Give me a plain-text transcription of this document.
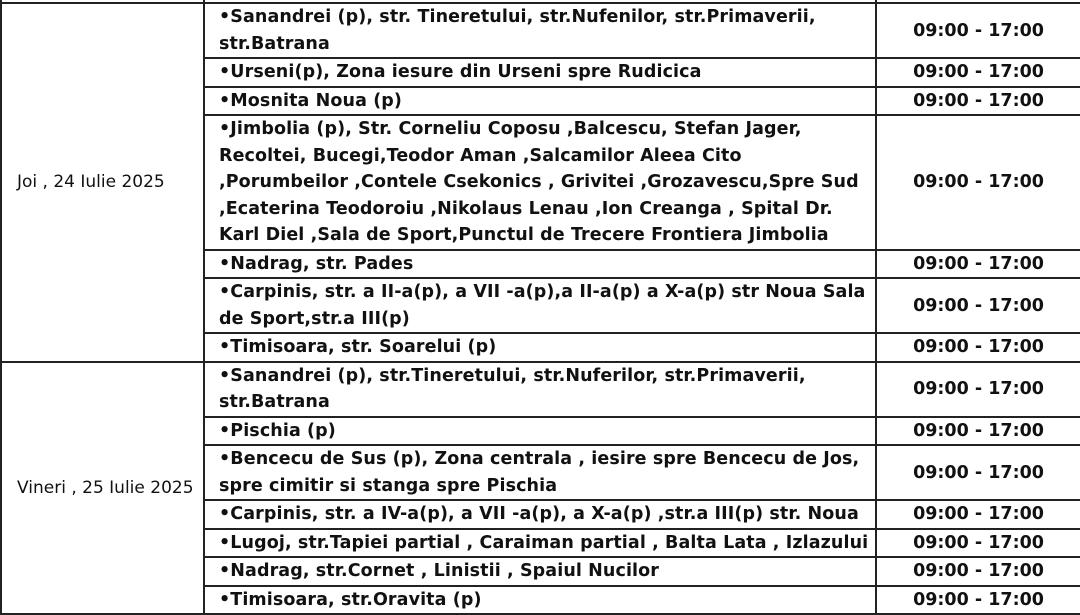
Joi , 24 Iulie 2025	•Sanandrei (p), str. Tineretului, str.Nufenilor, str.Primaverii, str.Batrana	09:00 - 17:00
	•Urseni(p), Zona iesure din Urseni spre Rudicica	09:00 - 17:00
	•Mosnita Noua (p)	09:00 - 17:00
	•Jimbolia (p), Str. Corneliu Coposu ,Balcescu, Stefan Jager, Recoltei, Bucegi,Teodor Aman ,Salcamilor Aleea Cito ,Porumbeilor ,Contele Csekonics , Grivitei ,Grozavescu,Spre Sud ,Ecaterina Teodoroiu ,Nikolaus Lenau ,Ion Creanga , Spital Dr. Karl Diel ,Sala de Sport,Punctul de Trecere Frontiera Jimbolia	09:00 - 17:00
	•Nadrag, str. Pades	09:00 - 17:00
	•Carpinis, str. a II-a(p), a VII -a(p),a II-a(p) a X-a(p) str Noua Sala de Sport,str.a III(p)	09:00 - 17:00
	•Timisoara, str. Soarelui (p)	09:00 - 17:00
Vineri , 25 Iulie 2025	•Sanandrei (p), str.Tineretului, str.Nuferilor, str.Primaverii, str.Batrana	09:00 - 17:00
	•Pischia (p)	09:00 - 17:00
	•Bencecu de Sus (p), Zona centrala , iesire spre Bencecu de Jos, spre cimitir si stanga spre Pischia	09:00 - 17:00
	•Carpinis, str. a IV-a(p), a VII -a(p), a X-a(p) ,str.a III(p) str. Noua	09:00 - 17:00
	•Lugoj, str.Tapiei partial , Caraiman partial , Balta Lata , Izlazului	09:00 - 17:00
	•Nadrag, str.Cornet , Linistii , Spaiul Nucilor	09:00 - 17:00
	•Timisoara, str.Oravita (p)	09:00 - 17:00
